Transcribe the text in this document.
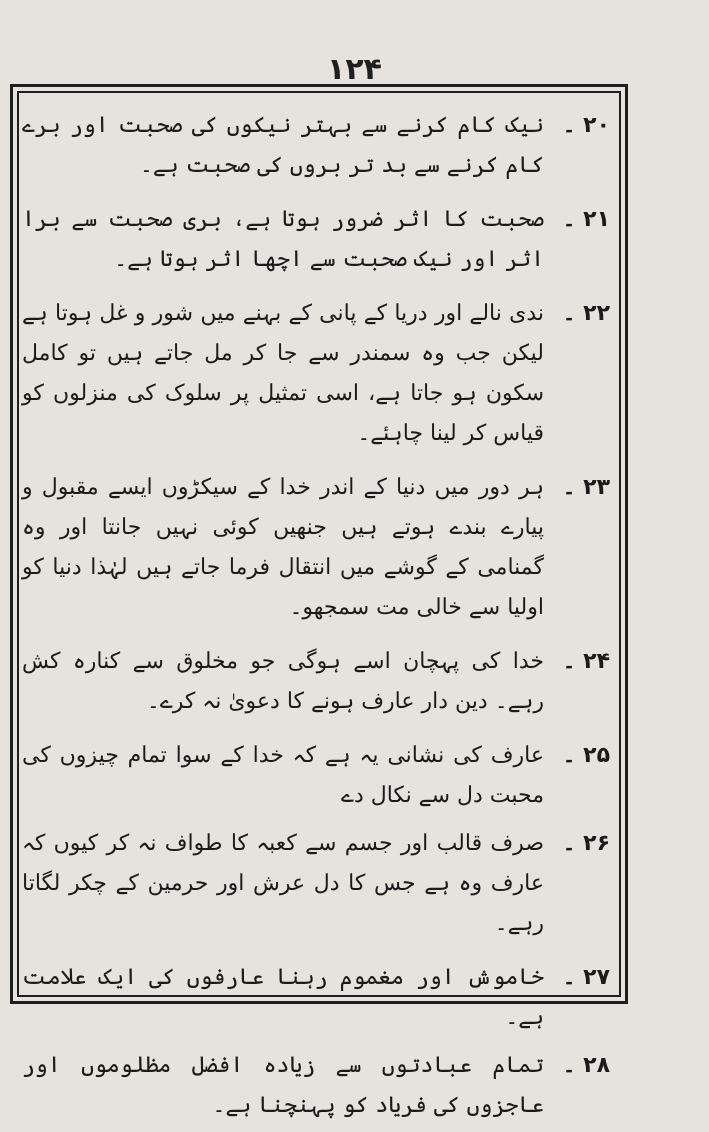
۱۲۴
۲۰ ۔
نیک کام کرنے سے بہتر نیکوں کی صحبت اور برے کام کرنے سے بد تر بروں کی صحبت ہے۔
۲۱ ۔
صحبت کا اثر ضرور ہوتا ہے، بری صحبت سے برا اثر اور نیک صحبت سے اچھا اثر ہوتا ہے۔
۲۲ ۔
ندی نالے اور دریا کے پانی کے بہنے میں شور و غل ہوتا ہے لیکن جب وہ سمندر سے جا کر مل جاتے ہیں تو کامل سکون ہو جاتا ہے، اسی تمثیل پر سلوک کی منزلوں کو قیاس کر لینا چاہئے۔
۲۳ ۔
ہر دور میں دنیا کے اندر خدا کے سیکڑوں ایسے مقبول و پیارے بندے ہوتے ہیں جنھیں کوئی نہیں جانتا اور وہ گمنامی کے گوشے میں انتقال فرما جاتے ہیں لہٰذا دنیا کو اولیا سے خالی مت سمجھو۔
۲۴ ۔
خدا کی پہچان اسے ہوگی جو مخلوق سے کنارہ کش رہے۔ دین دار عارف ہونے کا دعویٰ نہ کرے۔
۲۵ ۔
عارف کی نشانی یہ ہے کہ خدا کے سوا تمام چیزوں کی محبت دل سے نکال دے
۲۶ ۔
صرف قالب اور جسم سے کعبہ کا طواف نہ کر کیوں کہ عارف وہ ہے جس کا دل عرش اور حرمین کے چکر لگاتا رہے۔
۲۷ ۔
خاموش اور مغموم رہنا عارفوں کی ایک علامت ہے۔
۲۸ ۔
تمام عبادتوں سے زیادہ افضل مظلوموں اور عاجزوں کی فریاد کو پہنچنا ہے۔
